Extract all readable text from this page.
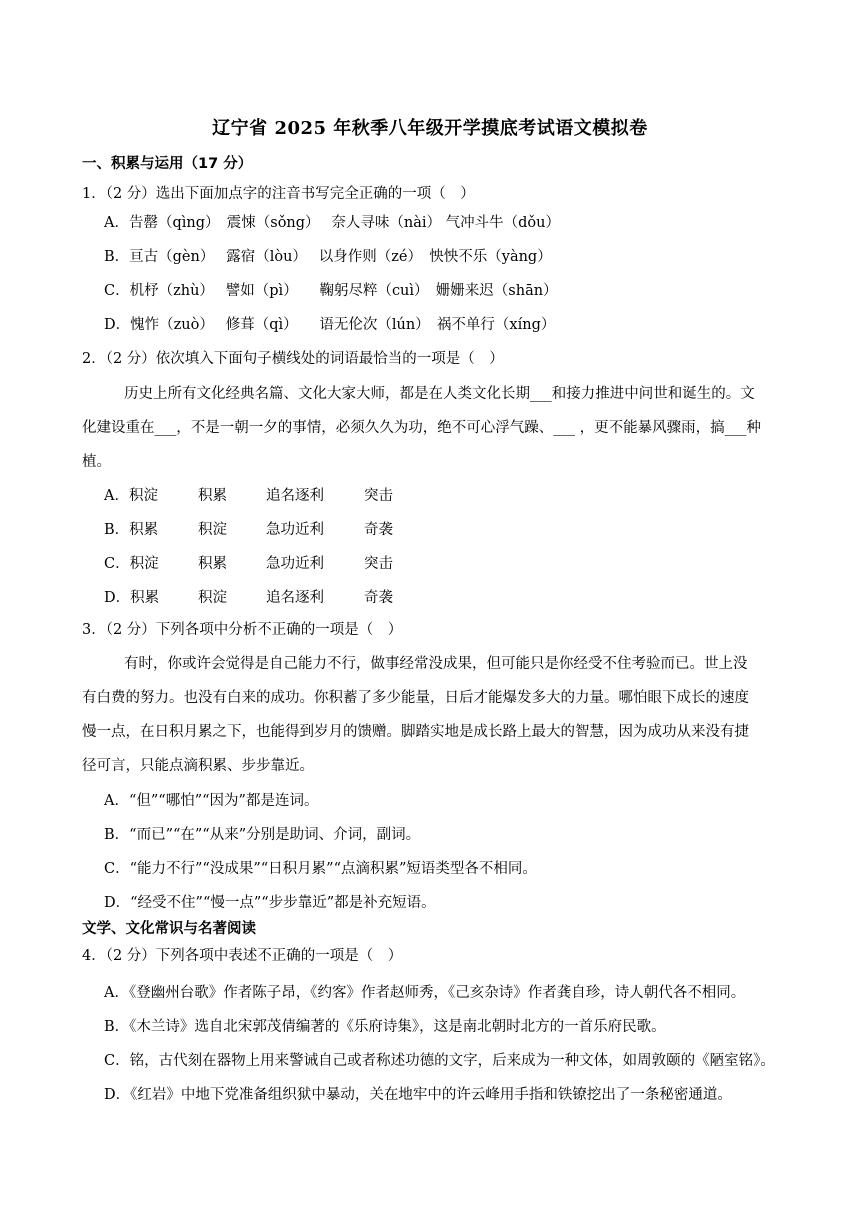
辽宁省 2025 年秋季八年级开学摸底考试语文模拟卷
一、积累与运用（17 分）
1．（2 分）选出下面加点字的注音书写完全正确的一项（　）
A．告罄（qìng）　震悚（sǒng）　 奈人寻味（nài） 气冲斗牛（dǒu）
B．亘古（gèn）　 露宿（lòu）　 以身作则（zé）　怏怏不乐（yàng）
C．机杼（zhù）　 譬如（pì）　　鞠躬尽粹（cuì）　姗姗来迟（shān）
D．愧怍（zuò）　 修葺（qì）　　语无伦次（lún）　祸不单行（xíng）
2．（2 分）依次填入下面句子横线处的词语最恰当的一项是（　）
历史上所有文化经典名篇、文化大家大师，都是在人类文化长期___和接力推进中问世和诞生的。文
化建设重在___，不是一朝一夕的事情，必须久久为功，绝不可心浮气躁、___ ，更不能暴风骤雨，搞___种
植。
A．积淀	积累	追名逐利	突击
B．积累	积淀	急功近利	奇袭
C．积淀	积累	急功近利	突击
D．积累	积淀	追名逐利	奇袭
3．（2 分）下列各项中分析不正确的一项是（　）
有时，你或许会觉得是自己能力不行，做事经常没成果，但可能只是你经受不住考验而已。世上没
有白费的努力。也没有白来的成功。你积蓄了多少能量，日后才能爆发多大的力量。哪怕眼下成长的速度
慢一点，在日积月累之下，也能得到岁月的馈赠。脚踏实地是成长路上最大的智慧，因为成功从来没有捷
径可言，只能点滴积累、步步靠近。
A．“但”“哪怕”“因为”都是连词。
B．“而已”“在”“从来”分别是助词、介词，副词。
C．“能力不行”“没成果”“日积月累”“点滴积累”短语类型各不相同。
D．“经受不住”“慢一点”“步步靠近”都是补充短语。
文学、文化常识与名著阅读
4．（2 分）下列各项中表述不正确的一项是（　）
A．《登幽州台歌》作者陈子昂，《约客》作者赵师秀，《己亥杂诗》作者龚自珍，诗人朝代各不相同。
B．《木兰诗》选自北宋郭茂倩编著的《乐府诗集》，这是南北朝时北方的一首乐府民歌。
C．铭，古代刻在器物上用来警诫自己或者称述功德的文字，后来成为一种文体，如周敦颐的《陋室铭》。
D．《红岩》中地下党准备组织狱中暴动，关在地牢中的许云峰用手指和铁镣挖出了一条秘密通道。
